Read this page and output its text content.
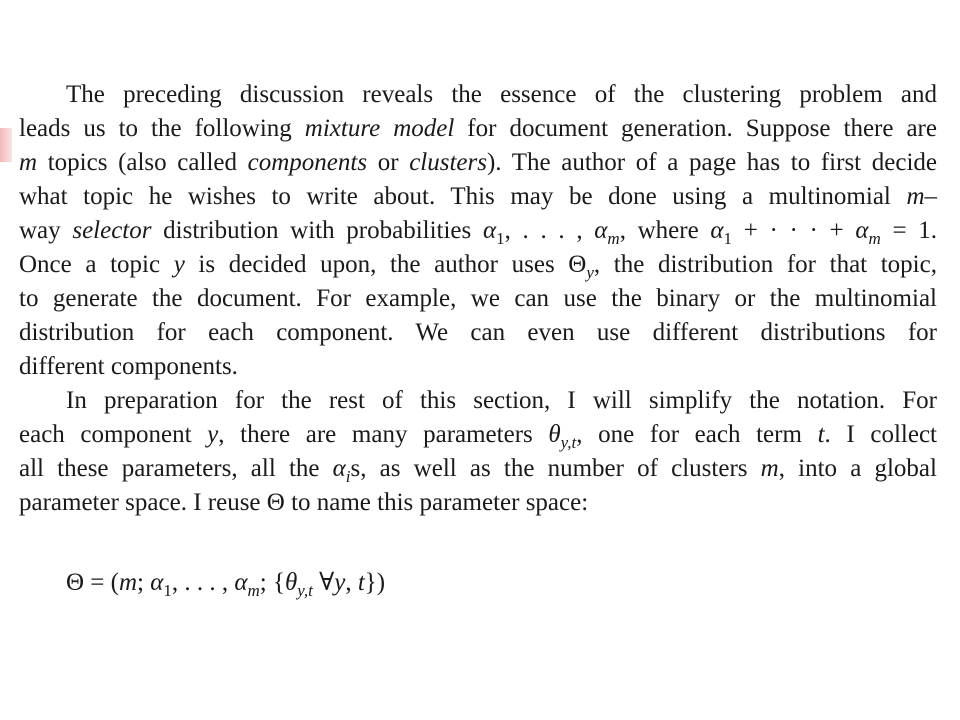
The preceding discussion reveals the essence of the clustering problem and
leads us to the following mixture model for document generation. Suppose there are
m topics (also called components or clusters). The author of a page has to first decide
what topic he wishes to write about. This may be done using a multinomial m–
way selector distribution with probabilities $\alpha_1$, . . . , $\alpha_m$, where $\alpha_1$ + · · · + $\alpha_m = 1$.
Once a topic y is decided upon, the author uses $\Theta_y$, the distribution for that topic,
to generate the document. For example, we can use the binary or the multinomial
distribution for each component. We can even use different distributions for
different components.
In preparation for the rest of this section, I will simplify the notation. For
each component y, there are many parameters $\theta_{y,t}$, one for each term t. I collect
all these parameters, all the $\alpha_is$, as well as the number of clusters m, into a global
parameter space. I reuse Θ to name this parameter space:
Θ = (m; $\alpha_1$, . . . , $\alpha_m$; {$\theta_{y,t}$ ∀y, t})
